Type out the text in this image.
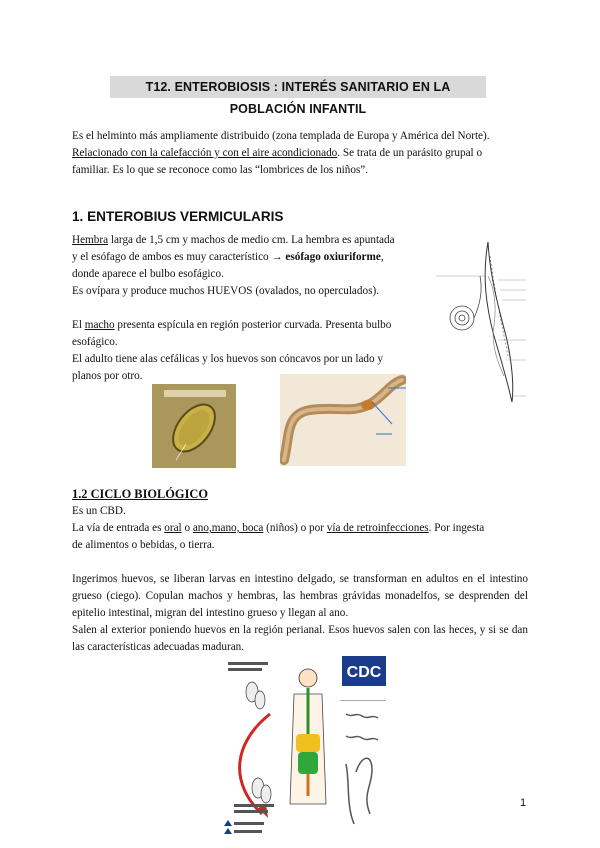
T12. ENTEROBIOSIS : INTERÉS SANITARIO EN LA POBLACIÓN INFANTIL
Es el helminto más ampliamente distribuido (zona templada de Europa y América del Norte).
Relacionado con la calefacción y con el aire acondicionado. Se trata de un parásito grupal o
familiar. Es lo que se reconoce como las “lombrices de los niños”.
1. ENTEROBIUS VERMICULARIS
Hembra larga de 1,5 cm y machos de medio cm. La hembra es apuntada
y el esófago de ambos es muy característico → esófago oxiuriforme,
donde aparece el bulbo esofágico.
Es ovípara y produce muchos HUEVOS (ovalados, no operculados).
El macho presenta espícula en región posterior curvada. Presenta bulbo
esofágico.
El adulto tiene alas cefálicas y los huevos son cóncavos por un lado y
planos por otro.
1.2 CICLO BIOLÓGICO
Es un CBD.
La vía de entrada es oral o ano,mano, boca (niños) o por vía de retroinfecciones. Por ingesta
de alimentos o bebidas, o tierra.
Ingerimos huevos, se liberan larvas en intestino delgado, se transforman en adultos en el intestino grueso (ciego). Copulan machos y hembras, las hembras grávidas monadelfos, se desprenden del epitelio intestinal, migran del intestino grueso y llegan al ano.
Salen al exterior poniendo huevos en la región perianal. Esos huevos salen con las heces, y si se dan las características adecuadas maduran.
CDC
1
